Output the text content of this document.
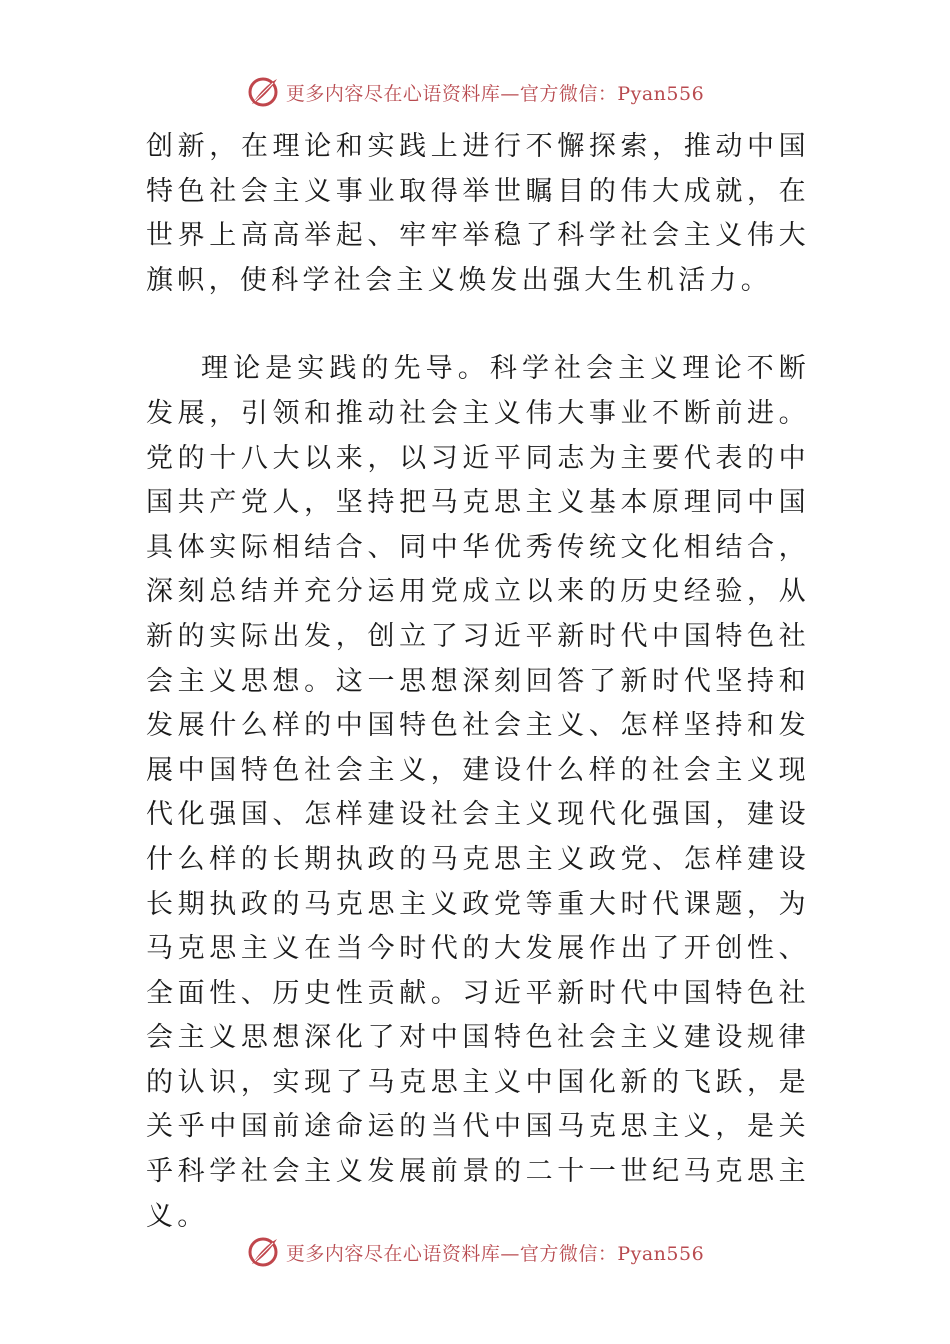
更多内容尽在心语资料库—官方微信：Pyan556

创新，在理论和实践上进行不懈探索，推动中国特色社会主义事业取得举世瞩目的伟大成就，在世界上高高举起、牢牢举稳了科学社会主义伟大旗帜，使科学社会主义焕发出强大生机活力。

理论是实践的先导。科学社会主义理论不断发展，引领和推动社会主义伟大事业不断前进。党的十八大以来，以习近平同志为主要代表的中国共产党人，坚持把马克思主义基本原理同中国具体实际相结合、同中华优秀传统文化相结合，深刻总结并充分运用党成立以来的历史经验，从新的实际出发，创立了习近平新时代中国特色社会主义思想。这一思想深刻回答了新时代坚持和发展什么样的中国特色社会主义、怎样坚持和发展中国特色社会主义，建设什么样的社会主义现代化强国、怎样建设社会主义现代化强国，建设什么样的长期执政的马克思主义政党、怎样建设长期执政的马克思主义政党等重大时代课题，为马克思主义在当今时代的大发展作出了开创性、全面性、历史性贡献。习近平新时代中国特色社会主义思想深化了对中国特色社会主义建设规律的认识，实现了马克思主义中国化新的飞跃，是关乎中国前途命运的当代中国马克思主义，是关乎科学社会主义发展前景的二十一世纪马克思主义。

更多内容尽在心语资料库—官方微信：Pyan556
